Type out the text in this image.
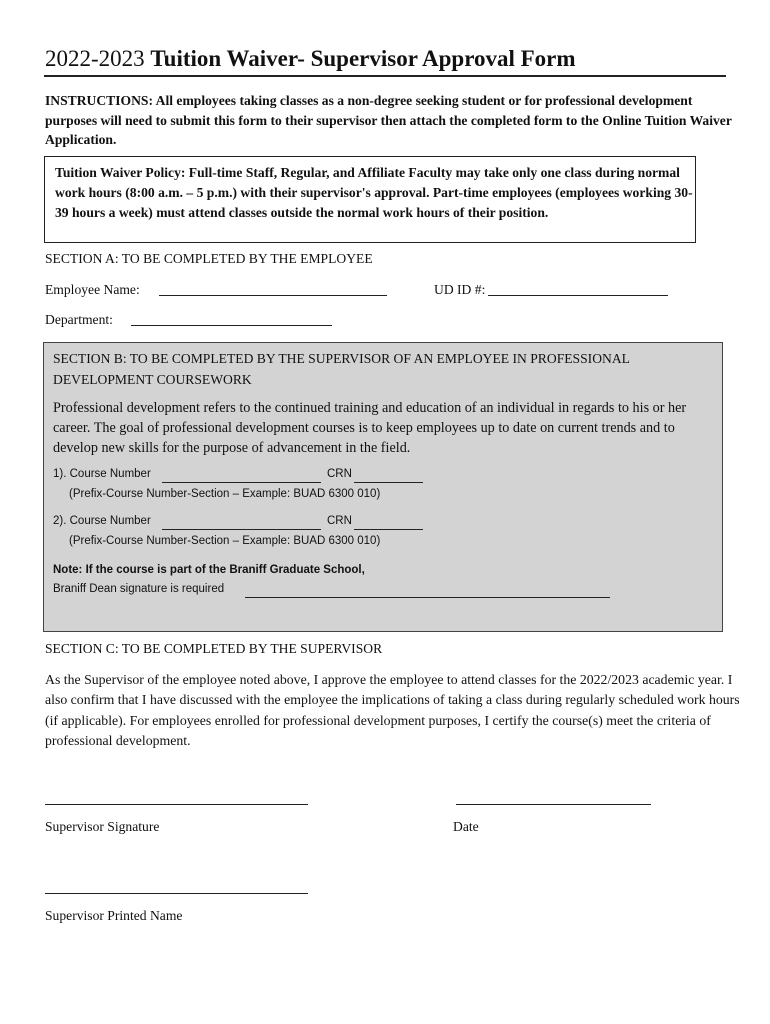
2022-2023 Tuition Waiver- Supervisor Approval Form
INSTRUCTIONS: All employees taking classes as a non-degree seeking student or for professional development purposes will need to submit this form to their supervisor then attach the completed form to the Online Tuition Waiver Application.
Tuition Waiver Policy: Full-time Staff, Regular, and Affiliate Faculty may take only one class during normal work hours (8:00 a.m. – 5 p.m.) with their supervisor's approval. Part-time employees (employees working 30-39 hours a week) must attend classes outside the normal work hours of their position.
SECTION A: TO BE COMPLETED BY THE EMPLOYEE
Employee Name:	UD ID #:
Department:
SECTION B: TO BE COMPLETED BY THE SUPERVISOR OF AN EMPLOYEE IN PROFESSIONAL DEVELOPMENT COURSEWORK
Professional development refers to the continued training and education of an individual in regards to his or her career. The goal of professional development courses is to keep employees up to date on current trends and to develop new skills for the purpose of advancement in the field.
1). Course Number	CRN
(Prefix-Course Number-Section – Example: BUAD 6300 010)
2). Course Number	CRN
(Prefix-Course Number-Section – Example: BUAD 6300 010)
Note: If the course is part of the Braniff Graduate School,
Braniff Dean signature is required
SECTION C: TO BE COMPLETED BY THE SUPERVISOR
As the Supervisor of the employee noted above, I approve the employee to attend classes for the 2022/2023 academic year. I also confirm that I have discussed with the employee the implications of taking a class during regularly scheduled work hours (if applicable). For employees enrolled for professional development purposes, I certify the course(s) meet the criteria of professional development.
Supervisor Signature	Date
Supervisor Printed Name
